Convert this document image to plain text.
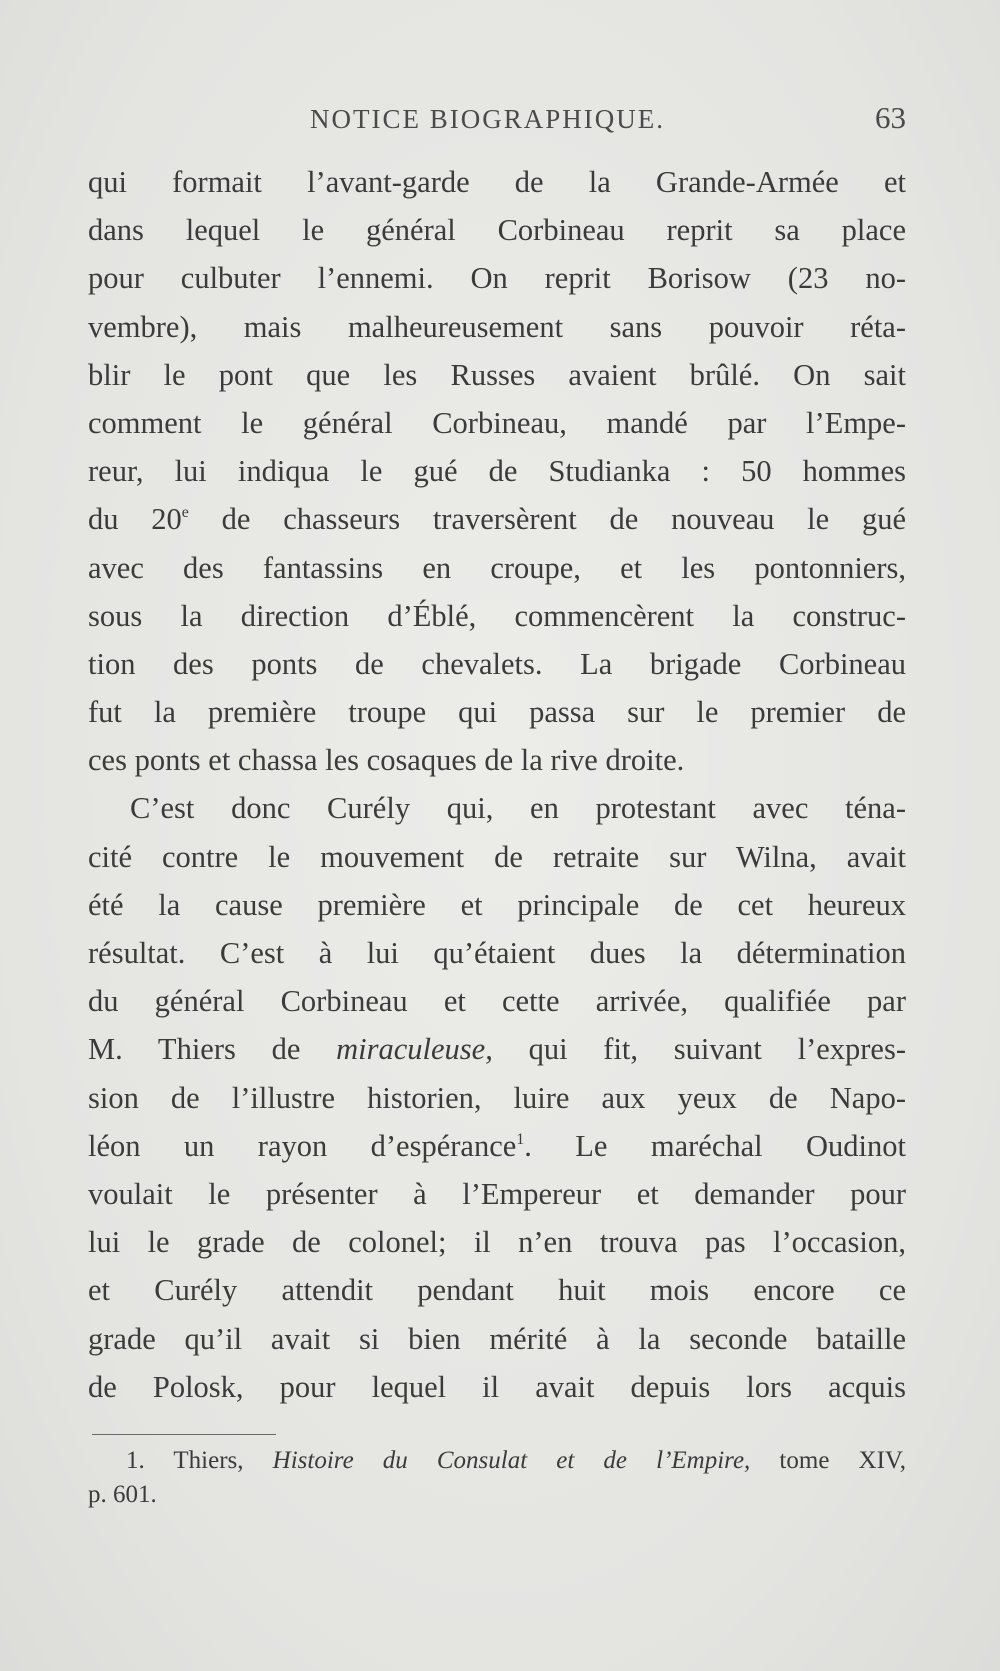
NOTICE BIOGRAPHIQUE.	63
qui formait l’avant-garde de la Grande-Armée et
dans lequel le général Corbineau reprit sa place
pour culbuter l’ennemi. On reprit Borisow (23 no-
vembre), mais malheureusement sans pouvoir réta-
blir le pont que les Russes avaient brûlé. On sait
comment le général Corbineau, mandé par l’Empe-
reur, lui indiqua le gué de Studianka : 50 hommes
du 20e de chasseurs traversèrent de nouveau le gué
avec des fantassins en croupe, et les pontonniers,
sous la direction d’Éblé, commencèrent la construc-
tion des ponts de chevalets. La brigade Corbineau
fut la première troupe qui passa sur le premier de
ces ponts et chassa les cosaques de la rive droite.
C’est donc Curély qui, en protestant avec téna-
cité contre le mouvement de retraite sur Wilna, avait
été la cause première et principale de cet heureux
résultat. C’est à lui qu’étaient dues la détermination
du général Corbineau et cette arrivée, qualifiée par
M. Thiers de miraculeuse, qui fit, suivant l’expres-
sion de l’illustre historien, luire aux yeux de Napo-
léon un rayon d’espérance$^1$. Le maréchal Oudinot
voulait le présenter à l’Empereur et demander pour
lui le grade de colonel; il n’en trouva pas l’occasion,
et Curély attendit pendant huit mois encore ce
grade qu’il avait si bien mérité à la seconde bataille
de Polosk, pour lequel il avait depuis lors acquis
1. Thiers, Histoire du Consulat et de l’Empire, tome XIV,
p. 601.
